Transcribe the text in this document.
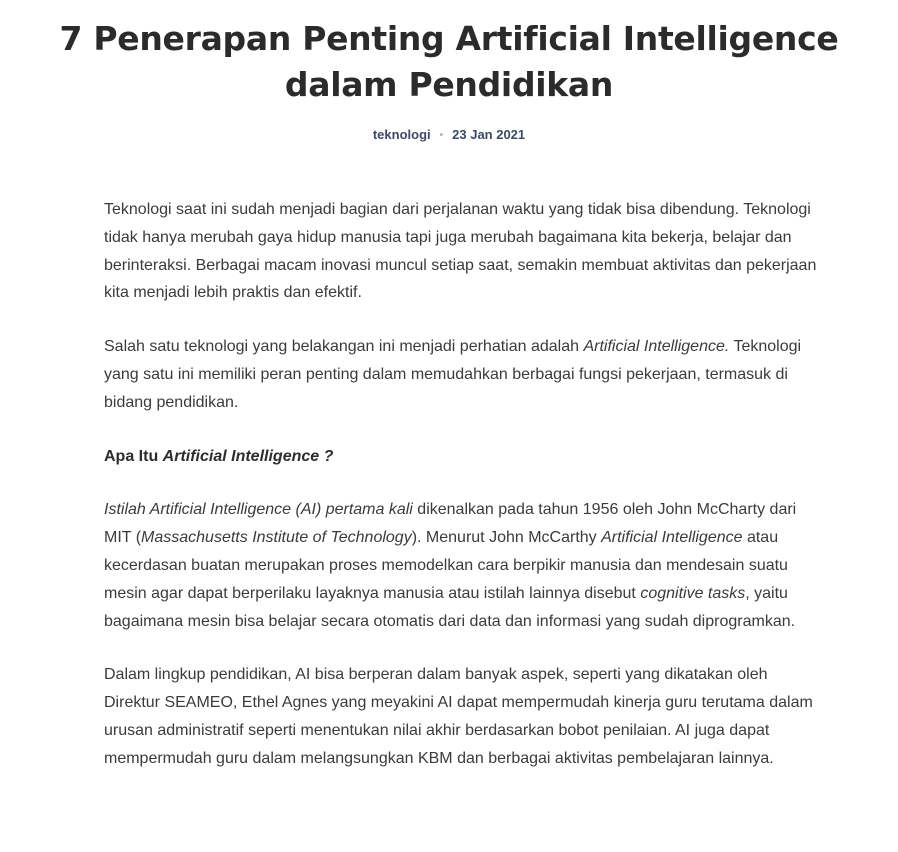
7 Penerapan Penting Artificial Intelligence
dalam Pendidikan
teknologi • 23 Jan 2021

Teknologi saat ini sudah menjadi bagian dari perjalanan waktu yang tidak bisa dibendung. Teknologi tidak hanya merubah gaya hidup manusia tapi juga merubah bagaimana kita bekerja, belajar dan berinteraksi. Berbagai macam inovasi muncul setiap saat, semakin membuat aktivitas dan pekerjaan kita menjadi lebih praktis dan efektif.

Salah satu teknologi yang belakangan ini menjadi perhatian adalah Artificial Intelligence. Teknologi yang satu ini memiliki peran penting dalam memudahkan berbagai fungsi pekerjaan, termasuk di bidang pendidikan.

Apa Itu Artificial Intelligence ?

Istilah Artificial Intelligence (AI) pertama kali dikenalkan pada tahun 1956 oleh John McCharty dari MIT (Massachusetts Institute of Technology). Menurut John McCarthy Artificial Intelligence atau kecerdasan buatan merupakan proses memodelkan cara berpikir manusia dan mendesain suatu mesin agar dapat berperilaku layaknya manusia atau istilah lainnya disebut cognitive tasks, yaitu bagaimana mesin bisa belajar secara otomatis dari data dan informasi yang sudah diprogramkan.

Dalam lingkup pendidikan, AI bisa berperan dalam banyak aspek, seperti yang dikatakan oleh Direktur SEAMEO, Ethel Agnes yang meyakini AI dapat mempermudah kinerja guru terutama dalam urusan administratif seperti menentukan nilai akhir berdasarkan bobot penilaian. AI juga dapat mempermudah guru dalam melangsungkan KBM dan berbagai aktivitas pembelajaran lainnya.
